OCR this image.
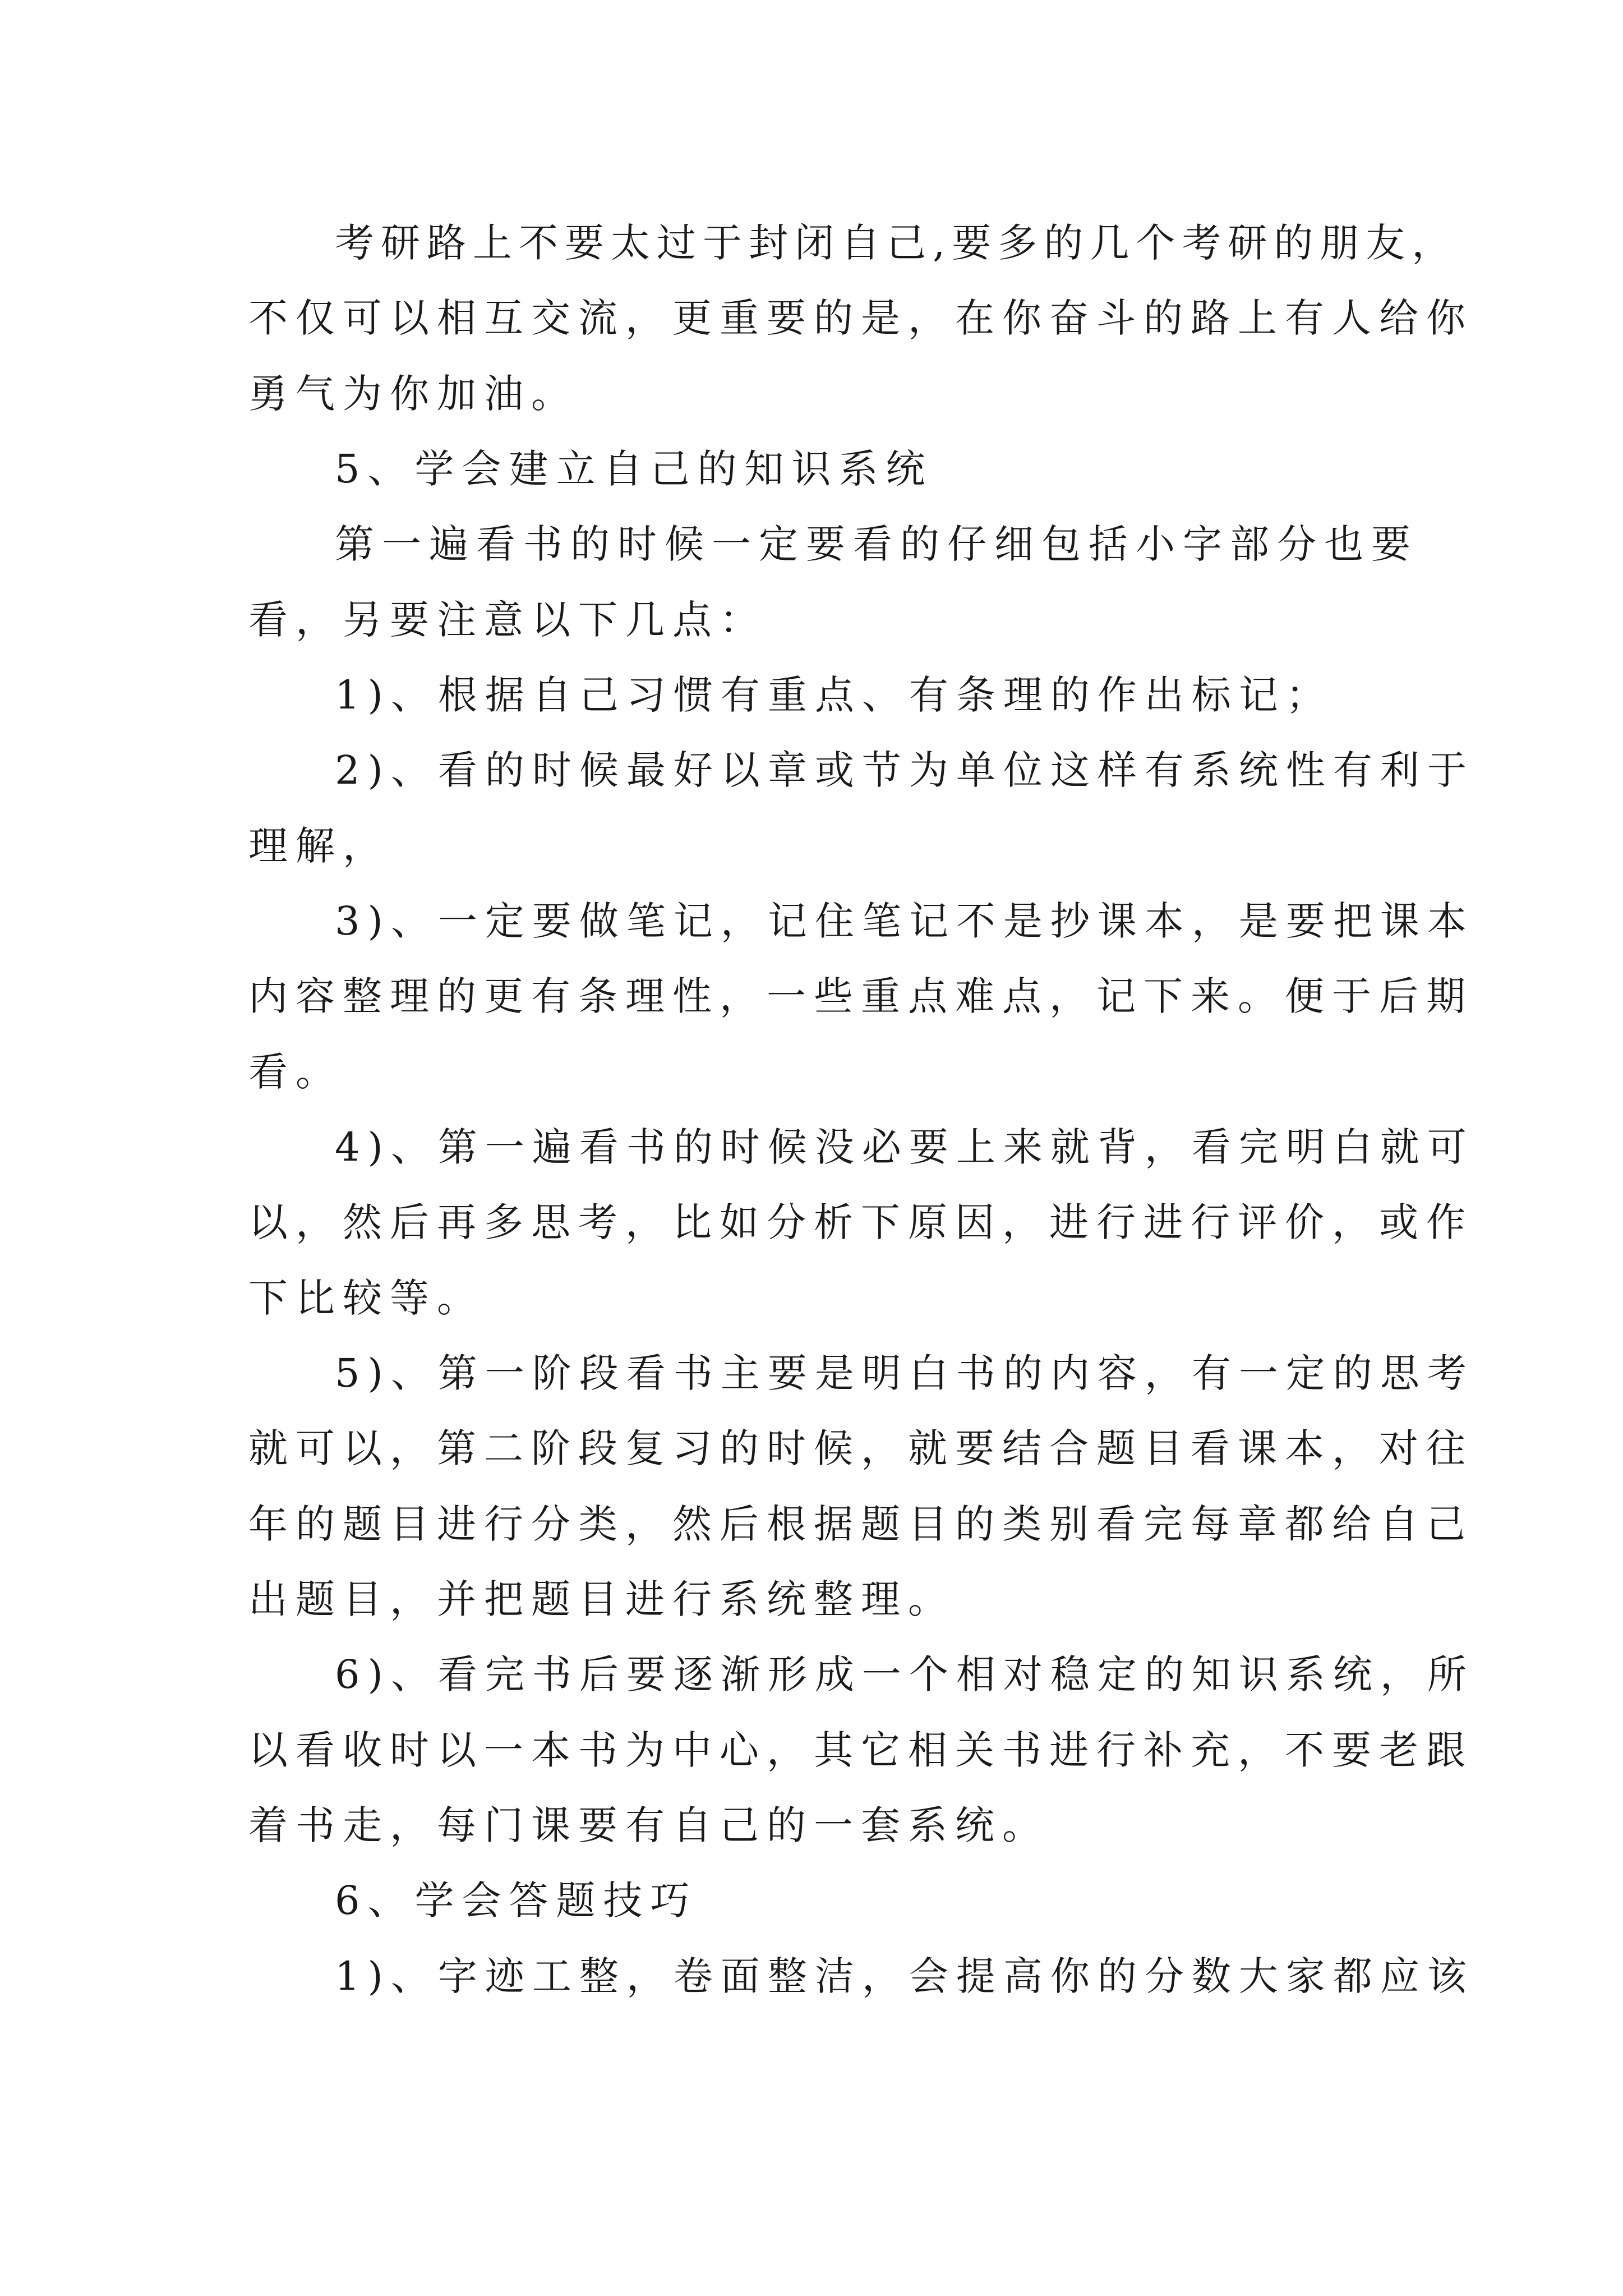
考研路上不要太过于封闭自己,要多的几个考研的朋友，
不仅可以相互交流，更重要的是，在你奋斗的路上有人给你
勇气为你加油。
5、学会建立自己的知识系统
第一遍看书的时候一定要看的仔细包括小字部分也要
看，另要注意以下几点：
1)、根据自己习惯有重点、有条理的作出标记；
2)、看的时候最好以章或节为单位这样有系统性有利于
理解，
3)、一定要做笔记，记住笔记不是抄课本，是要把课本
内容整理的更有条理性，一些重点难点，记下来。便于后期
看。
4)、第一遍看书的时候没必要上来就背，看完明白就可
以，然后再多思考，比如分析下原因，进行进行评价，或作
下比较等。
5)、第一阶段看书主要是明白书的内容，有一定的思考
就可以，第二阶段复习的时候，就要结合题目看课本，对往
年的题目进行分类，然后根据题目的类别看完每章都给自己
出题目，并把题目进行系统整理。
6)、看完书后要逐渐形成一个相对稳定的知识系统，所
以看收时以一本书为中心，其它相关书进行补充，不要老跟
着书走，每门课要有自己的一套系统。
6、学会答题技巧
1)、字迹工整，卷面整洁，会提高你的分数大家都应该
